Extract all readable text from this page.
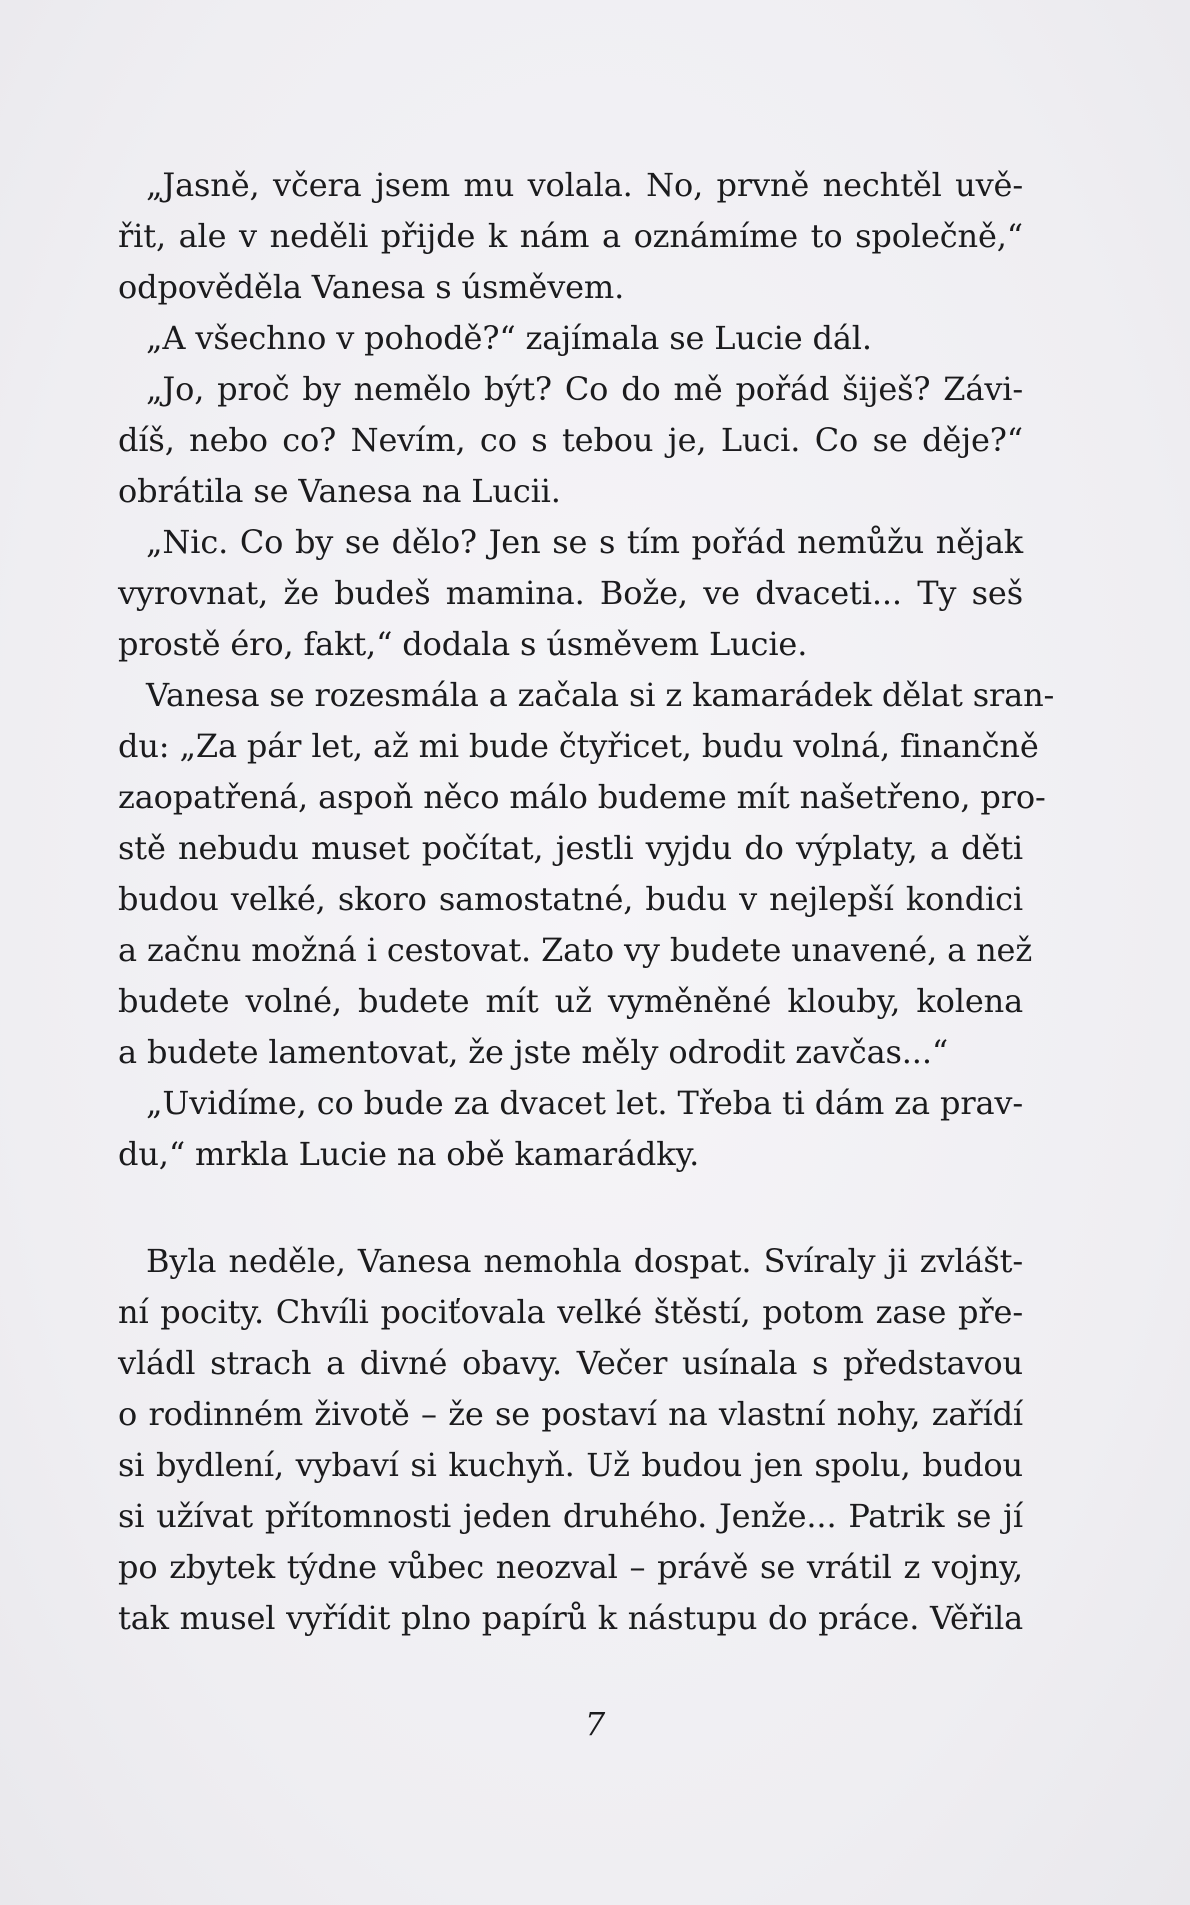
„Jasně, včera jsem mu volala. No, prvně nechtěl uvě-
řit, ale v neděli přijde k nám a oznámíme to společně,“
odpověděla Vanesa s úsměvem.
„A všechno v pohodě?“ zajímala se Lucie dál.
„Jo, proč by nemělo být? Co do mě pořád šiješ? Závi-
díš, nebo co? Nevím, co s tebou je, Luci. Co se děje?“
obrátila se Vanesa na Lucii.
„Nic. Co by se dělo? Jen se s tím pořád nemůžu nějak
vyrovnat, že budeš mamina. Bože, ve dvaceti... Ty seš
prostě éro, fakt,“ dodala s úsměvem Lucie.
Vanesa se rozesmála a začala si z kamarádek dělat sran-
du: „Za pár let, až mi bude čtyřicet, budu volná, finančně
zaopatřená, aspoň něco málo budeme mít našetřeno, pro-
stě nebudu muset počítat, jestli vyjdu do výplaty, a děti
budou velké, skoro samostatné, budu v nejlepší kondici
a začnu možná i cestovat. Zato vy budete unavené, a než
budete volné, budete mít už vyměněné klouby, kolena
a budete lamentovat, že jste měly odrodit zavčas...“
„Uvidíme, co bude za dvacet let. Třeba ti dám za prav-
du,“ mrkla Lucie na obě kamarádky.
Byla neděle, Vanesa nemohla dospat. Svíraly ji zvlášt-
ní pocity. Chvíli pociťovala velké štěstí, potom zase pře-
vládl strach a divné obavy. Večer usínala s představou
o rodinném životě – že se postaví na vlastní nohy, zařídí
si bydlení, vybaví si kuchyň. Už budou jen spolu, budou
si užívat přítomnosti jeden druhého. Jenže... Patrik se jí
po zbytek týdne vůbec neozval – právě se vrátil z vojny,
tak musel vyřídit plno papírů k nástupu do práce. Věřila
7
